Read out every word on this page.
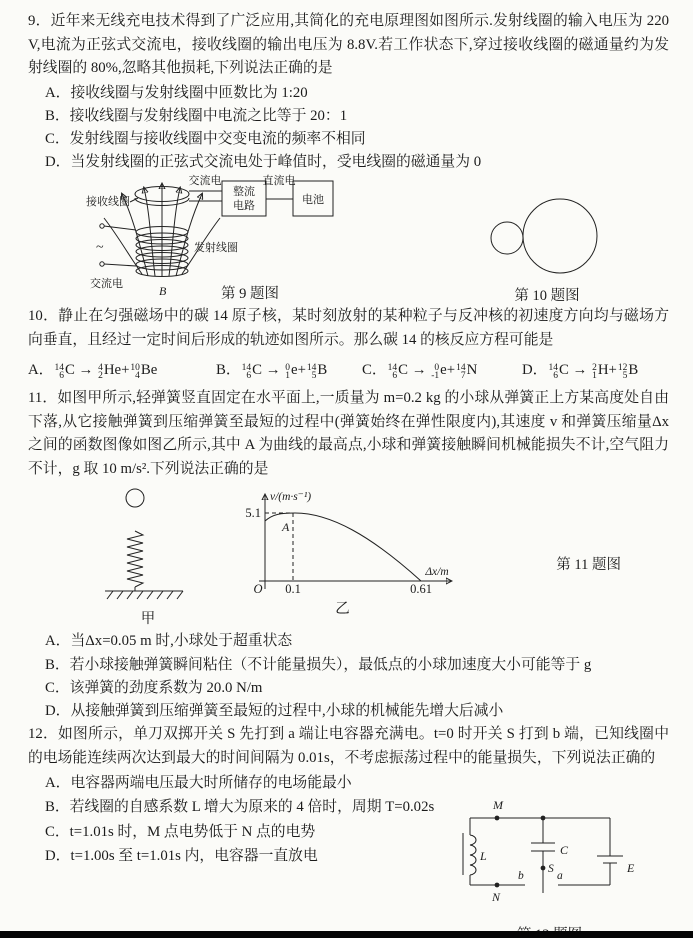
9．近年来无线充电技术得到了广泛应用,其简化的充电原理图如图所示.发射线圈的输入电压为 220 V,电流为正弦式交流电，接收线圈的输出电压为 8.8V.若工作状态下,穿过接收线圈的磁通量约为发射线圈的 80%,忽略其他损耗,下列说法正确的是

A．接收线圈与发射线圈中匝数比为 1:20
B．接收线圈与发射线圈中电流之比等于 20：1
C．发射线圈与接收线圈中交变电流的频率不相同
D．当发射线圈的正弦式交流电处于峰值时，受电线圈的磁通量为 0
~
整流
电路	电池
交流电	直流电
接收线圈
发射线圈
交流电	B	第 9 题图	第 10 题图

10．静止在匀强磁场中的碳 14 原子核，某时刻放射的某种粒子与反冲核的初速度方向均与磁场方向垂直，且经过一定时间后形成的轨迹如图所示。那么碳 14 的核反应方程可能是

A． 14
6 C → 4
2 He+ 10
4 Be	B． 14
6 C → 0
1 e+ 14
5 B	C． 14
6 C → 0
-1 e+ 14
7 N	D． 14
6 C → 2
1 H+ 12
5 B

11．如图甲所示,轻弹簧竖直固定在水平面上,一质量为 m=0.2 kg 的小球从弹簧正上方某高度处自由下落,从它接触弹簧到压缩弹簧至最短的过程中(弹簧始终在弹性限度内),其速度 v 和弹簧压缩量Δx 之间的函数图像如图乙所示,其中 A 为曲线的最高点,小球和弹簧接触瞬间机械能损失不计,空气阻力不计，g 取 10 m/s².下列说法正确的是

甲
v/(m·s⁻¹)
5.1
A
O 0.1	0.61
Δx/m
乙
第 11 题图
A．当Δx=0.05 m 时,小球处于超重状态
B．若小球接触弹簧瞬间粘住（不计能量损失），最低点的小球加速度大小可能等于 g
C．该弹簧的劲度系数为 20.0 N/m
D．从接触弹簧到压缩弹簧至最短的过程中,小球的机械能先增大后减小

12．如图所示，单刀双掷开关 S 先打到 a 端让电容器充满电。t=0 时开关 S 打到 b 端，已知线圈中的电场能连续两次达到最大的时间间隔为 0.01s，不考虑振荡过程中的能量损失，下列说法正确的

A．电容器两端电压最大时所储存的电场能最小
B．若线圈的自感系数 L 增大为原来的 4 倍时，周期 T=0.02s
C．t=1.01s 时，M 点电势低于 N 点的电势
D．t=1.00s 至 t=1.01s 内，电容器一直放电
M
L
N
b
C
S
a
E
